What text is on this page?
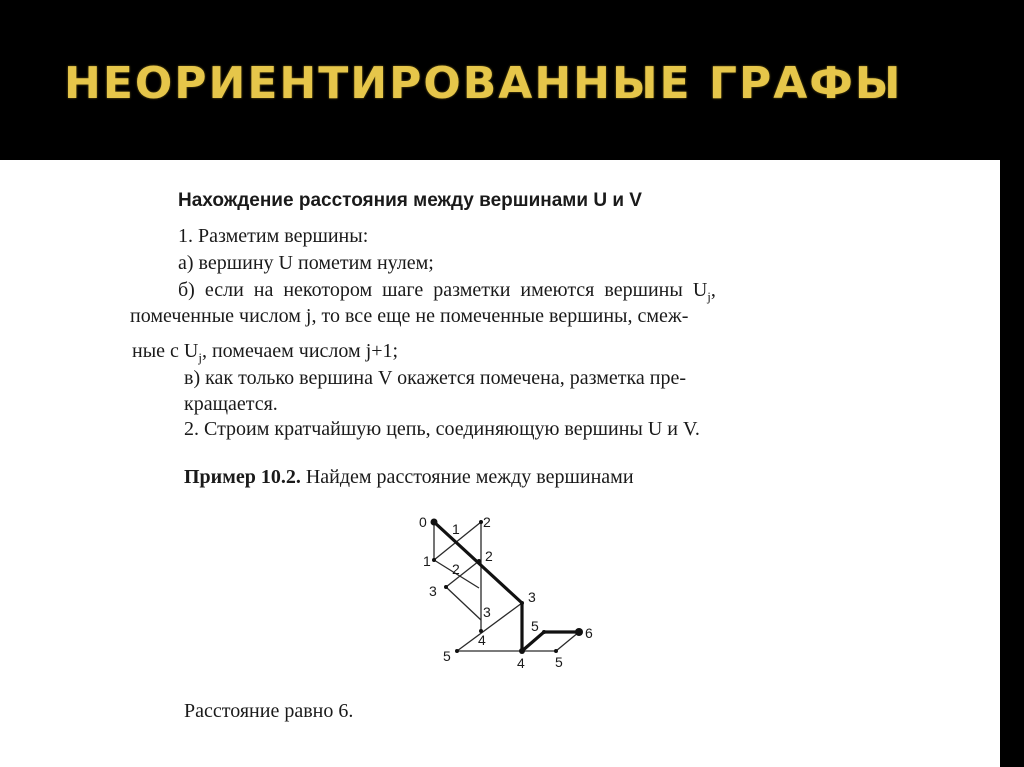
НЕОРИЕНТИРОВАННЫЕ ГРАФЫ
Нахождение расстояния между вершинами U и V
1. Разметим вершины:
а) вершину U пометим нулем;
б) если на некотором шаге разметки имеются вершины $U_j$,
помеченные числом j, то все еще не помеченные вершины, смеж-
ные с $U_j$, помечаем числом j+1;
в) как только вершина V окажется помечена, разметка пре-
кращается.
2. Строим кратчайшую цепь, соединяющую вершины U и V.
Пример 10.2. Найдем расстояние между вершинами
0 1 2
1	2
2
3	3
3
4
4
5
5
5
6
Расстояние равно 6.
